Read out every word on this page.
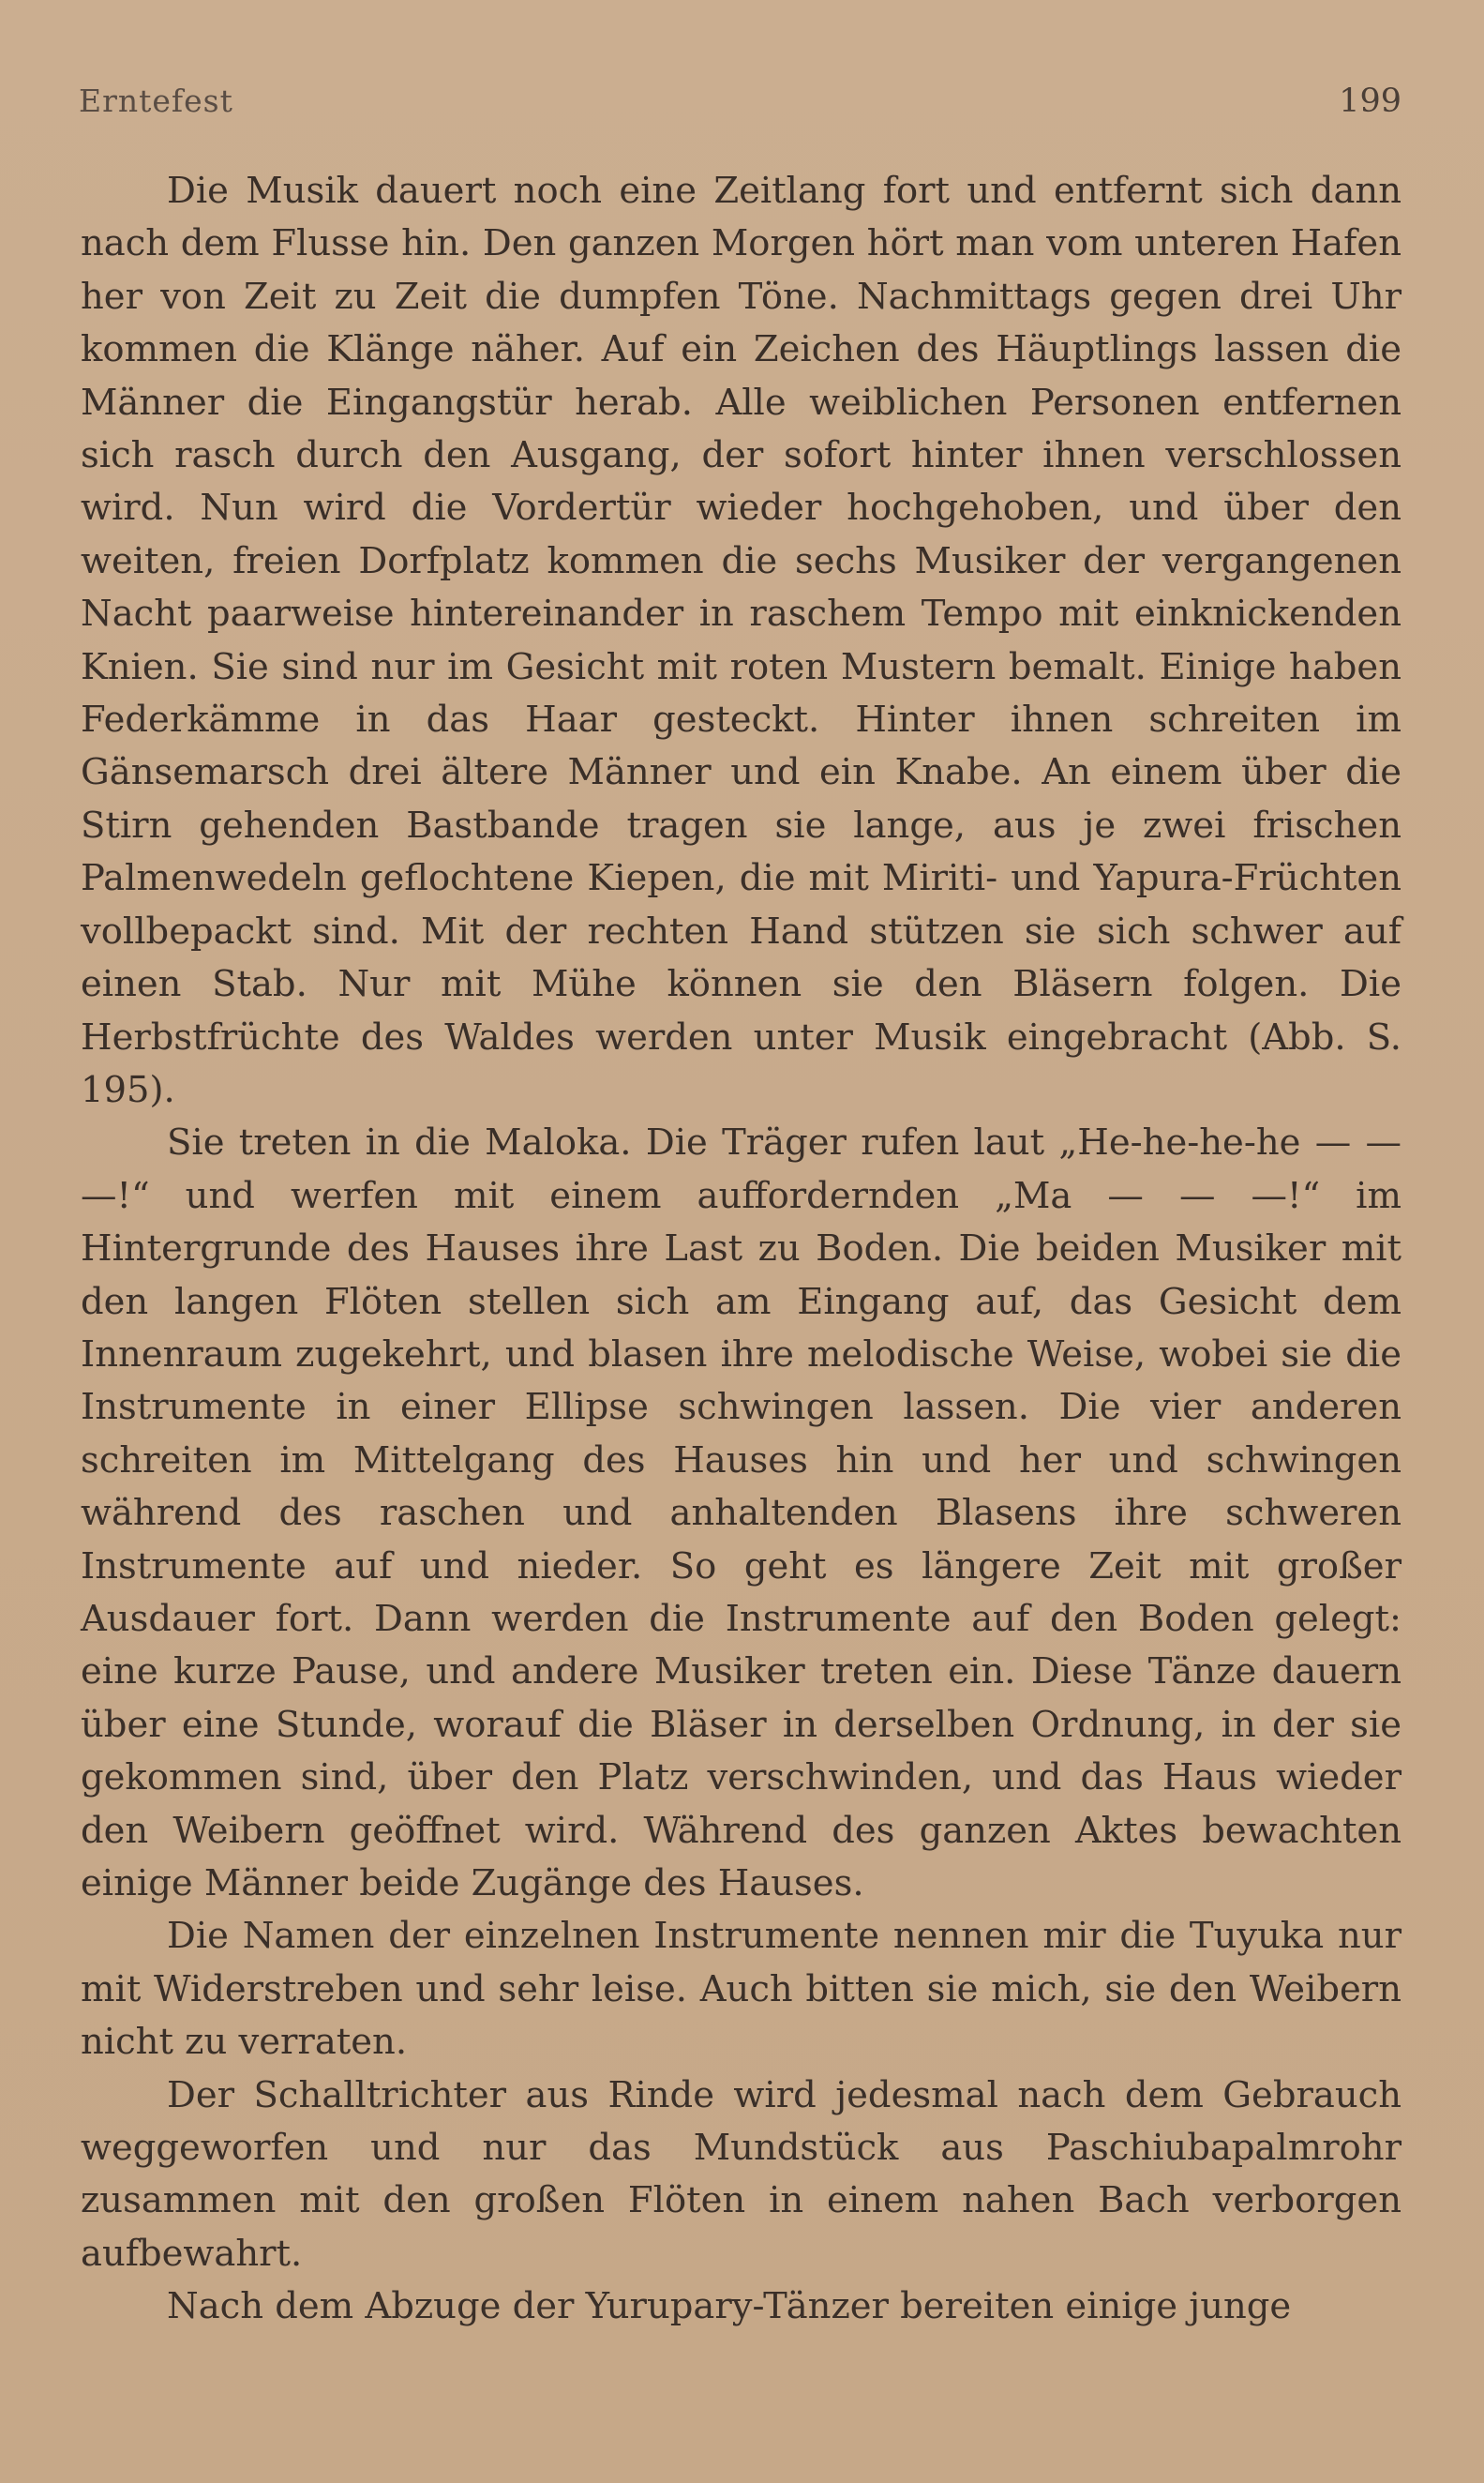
Erntefest	199

Die Musik dauert noch eine Zeitlang fort und entfernt sich dann nach dem Flusse hin. Den ganzen Morgen hört man vom unteren Hafen her von Zeit zu Zeit die dumpfen Töne. Nachmittags gegen drei Uhr kommen die Klänge näher. Auf ein Zeichen des Häuptlings lassen die Männer die Eingangstür herab. Alle weiblichen Personen entfernen sich rasch durch den Ausgang, der sofort hinter ihnen verschlossen wird. Nun wird die Vordertür wieder hochgehoben, und über den weiten, freien Dorfplatz kommen die sechs Musiker der vergangenen Nacht paarweise hintereinander in raschem Tempo mit einknickenden Knien. Sie sind nur im Gesicht mit roten Mustern bemalt. Einige haben Federkämme in das Haar gesteckt. Hinter ihnen schreiten im Gänsemarsch drei ältere Männer und ein Knabe. An einem über die Stirn gehenden Bastbande tragen sie lange, aus je zwei frischen Palmenwedeln geflochtene Kiepen, die mit Miriti- und Yapura-Früchten vollbepackt sind. Mit der rechten Hand stützen sie sich schwer auf einen Stab. Nur mit Mühe können sie den Bläsern folgen. Die Herbstfrüchte des Waldes werden unter Musik eingebracht (Abb. S. 195).

Sie treten in die Maloka. Die Träger rufen laut „He-he-he-he — — —!“ und werfen mit einem auffordernden „Ma — — —!“ im Hintergrunde des Hauses ihre Last zu Boden. Die beiden Musiker mit den langen Flöten stellen sich am Eingang auf, das Gesicht dem Innenraum zugekehrt, und blasen ihre melodische Weise, wobei sie die Instrumente in einer Ellipse schwingen lassen. Die vier anderen schreiten im Mittelgang des Hauses hin und her und schwingen während des raschen und anhaltenden Blasens ihre schweren Instrumente auf und nieder. So geht es längere Zeit mit großer Ausdauer fort. Dann werden die Instrumente auf den Boden gelegt: eine kurze Pause, und andere Musiker treten ein. Diese Tänze dauern über eine Stunde, worauf die Bläser in derselben Ordnung, in der sie gekommen sind, über den Platz verschwinden, und das Haus wieder den Weibern geöffnet wird. Während des ganzen Aktes bewachten einige Männer beide Zugänge des Hauses.

Die Namen der einzelnen Instrumente nennen mir die Tuyuka nur mit Widerstreben und sehr leise. Auch bitten sie mich, sie den Weibern nicht zu verraten.

Der Schalltrichter aus Rinde wird jedesmal nach dem Gebrauch weggeworfen und nur das Mundstück aus Paschiubapalmrohr zusammen mit den großen Flöten in einem nahen Bach verborgen aufbewahrt.

Nach dem Abzuge der Yurupary-Tänzer bereiten einige junge
